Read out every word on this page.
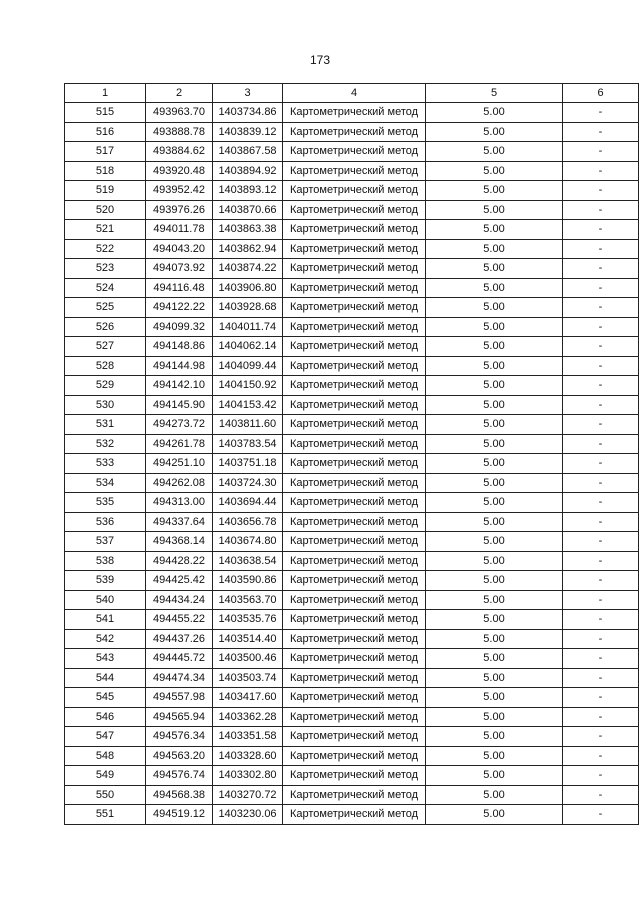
173
1	2	3	4	5	6
515	493963.70	1403734.86	Картометрический метод	5.00	-
516	493888.78	1403839.12	Картометрический метод	5.00	-
517	493884.62	1403867.58	Картометрический метод	5.00	-
518	493920.48	1403894.92	Картометрический метод	5.00	-
519	493952.42	1403893.12	Картометрический метод	5.00	-
520	493976.26	1403870.66	Картометрический метод	5.00	-
521	494011.78	1403863.38	Картометрический метод	5.00	-
522	494043.20	1403862.94	Картометрический метод	5.00	-
523	494073.92	1403874.22	Картометрический метод	5.00	-
524	494116.48	1403906.80	Картометрический метод	5.00	-
525	494122.22	1403928.68	Картометрический метод	5.00	-
526	494099.32	1404011.74	Картометрический метод	5.00	-
527	494148.86	1404062.14	Картометрический метод	5.00	-
528	494144.98	1404099.44	Картометрический метод	5.00	-
529	494142.10	1404150.92	Картометрический метод	5.00	-
530	494145.90	1404153.42	Картометрический метод	5.00	-
531	494273.72	1403811.60	Картометрический метод	5.00	-
532	494261.78	1403783.54	Картометрический метод	5.00	-
533	494251.10	1403751.18	Картометрический метод	5.00	-
534	494262.08	1403724.30	Картометрический метод	5.00	-
535	494313.00	1403694.44	Картометрический метод	5.00	-
536	494337.64	1403656.78	Картометрический метод	5.00	-
537	494368.14	1403674.80	Картометрический метод	5.00	-
538	494428.22	1403638.54	Картометрический метод	5.00	-
539	494425.42	1403590.86	Картометрический метод	5.00	-
540	494434.24	1403563.70	Картометрический метод	5.00	-
541	494455.22	1403535.76	Картометрический метод	5.00	-
542	494437.26	1403514.40	Картометрический метод	5.00	-
543	494445.72	1403500.46	Картометрический метод	5.00	-
544	494474.34	1403503.74	Картометрический метод	5.00	-
545	494557.98	1403417.60	Картометрический метод	5.00	-
546	494565.94	1403362.28	Картометрический метод	5.00	-
547	494576.34	1403351.58	Картометрический метод	5.00	-
548	494563.20	1403328.60	Картометрический метод	5.00	-
549	494576.74	1403302.80	Картометрический метод	5.00	-
550	494568.38	1403270.72	Картометрический метод	5.00	-
551	494519.12	1403230.06	Картометрический метод	5.00	-
